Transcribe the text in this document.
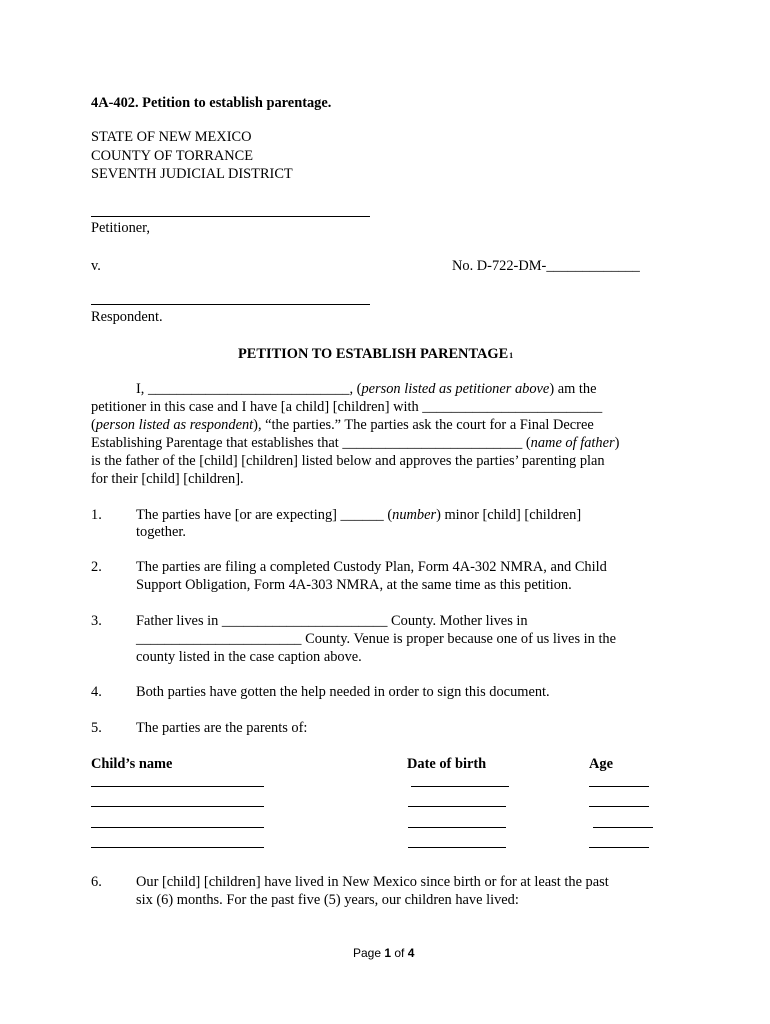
4A-402. Petition to establish parentage.
STATE OF NEW MEXICO
COUNTY OF TORRANCE
SEVENTH JUDICIAL DISTRICT
Petitioner,
v.	No. D-722-DM-_____________
Respondent.
PETITION TO ESTABLISH PARENTAGE1
I, ____________________________, (person listed as petitioner above) am the
petitioner in this case and I have [a child] [children] with _________________________
(person listed as respondent), “the parties.” The parties ask the court for a Final Decree
Establishing Parentage that establishes that _________________________ (name of father)
is the father of the [child] [children] listed below and approves the parties’ parenting plan
for their [child] [children].
1. The parties have [or are expecting] ______ (number) minor [child] [children]
together.
2. The parties are filing a completed Custody Plan, Form 4A-302 NMRA, and Child
Support Obligation, Form 4A-303 NMRA, at the same time as this petition.
3. Father lives in _______________________ County. Mother lives in
_______________________ County. Venue is proper because one of us lives in the
county listed in the case caption above.
4. Both parties have gotten the help needed in order to sign this document.
5. The parties are the parents of:
Child’s name	Date of birth	Age
6. Our [child] [children] have lived in New Mexico since birth or for at least the past
six (6) months. For the past five (5) years, our children have lived:
Page 1 of 4
